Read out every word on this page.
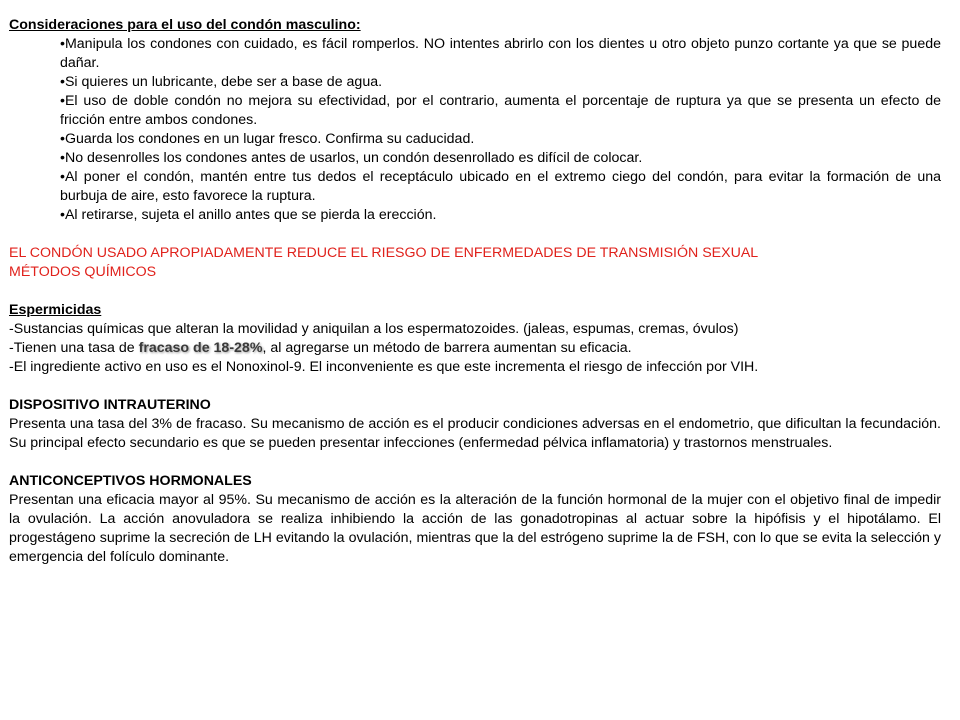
Consideraciones para el uso del condón masculino:

•Manipula los condones con cuidado, es fácil romperlos. NO intentes abrirlo con los dientes u otro objeto punzo cortante ya que se puede dañar.
•Si quieres un lubricante, debe ser a base de agua.
•El uso de doble condón no mejora su efectividad, por el contrario, aumenta el porcentaje de ruptura ya que se presenta un efecto de fricción entre ambos condones.
•Guarda los condones en un lugar fresco. Confirma su caducidad.
•No desenrolles los condones antes de usarlos, un condón desenrollado es difícil de colocar.
•Al poner el condón, mantén entre tus dedos el receptáculo ubicado en el extremo ciego del condón, para evitar la formación de una burbuja de aire, esto favorece la ruptura.
•Al retirarse, sujeta el anillo antes que se pierda la erección.

EL CONDÓN USADO APROPIADAMENTE REDUCE EL RIESGO DE ENFERMEDADES DE TRANSMISIÓN SEXUAL

MÉTODOS QUÍMICOS

Espermicidas

-Sustancias químicas que alteran la movilidad y aniquilan a los espermatozoides. (jaleas, espumas, cremas, óvulos)

-Tienen una tasa de fracaso de 18-28%, al agregarse un método de barrera aumentan su eficacia.

-El ingrediente activo en uso es el Nonoxinol-9. El inconveniente es que este incrementa el riesgo de infección por VIH.

DISPOSITIVO INTRAUTERINO

Presenta una tasa del 3% de fracaso. Su mecanismo de acción es el producir condiciones adversas en el endometrio, que dificultan la fecundación. Su principal efecto secundario es que se pueden presentar infecciones (enfermedad pélvica inflamatoria) y trastornos menstruales.

ANTICONCEPTIVOS HORMONALES

Presentan una eficacia mayor al 95%. Su mecanismo de acción es la alteración de la función hormonal de la mujer con el objetivo final de impedir la ovulación. La acción anovuladora se realiza inhibiendo la acción de las gonadotropinas al actuar sobre la hipófisis y el hipotálamo. El progestágeno suprime la secreción de LH evitando la ovulación, mientras que la del estrógeno suprime la de FSH, con lo que se evita la selección y emergencia del folículo dominante.
